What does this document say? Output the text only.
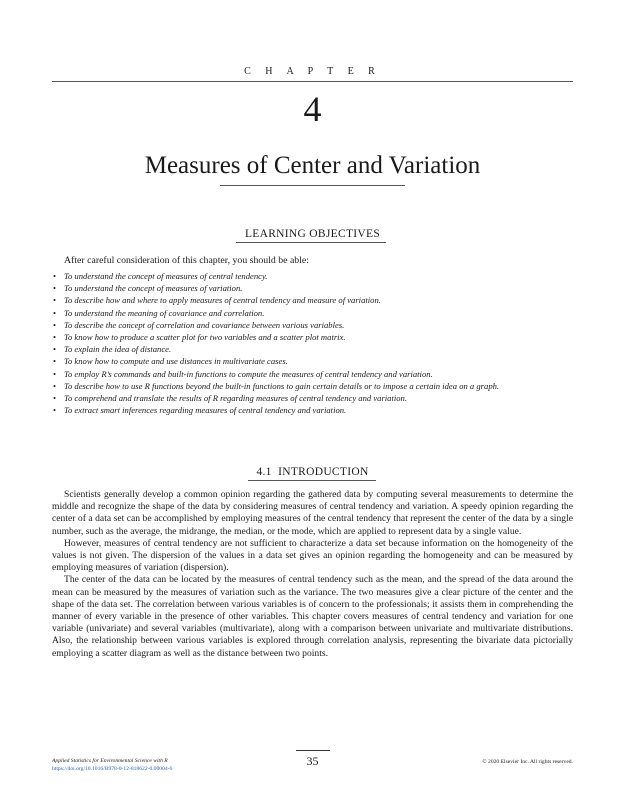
C H A P T E R
4
Measures of Center and Variation
LEARNING OBJECTIVES
After careful consideration of this chapter, you should be able:
• To understand the concept of measures of central tendency.
• To understand the concept of measures of variation.
• To describe how and where to apply measures of central tendency and measure of variation.
• To understand the meaning of covariance and correlation.
• To describe the concept of correlation and covariance between various variables.
• To know how to produce a scatter plot for two variables and a scatter plot matrix.
• To explain the idea of distance.
• To know how to compute and use distances in multivariate cases.
• To employ R’s commands and built-in functions to compute the measures of central tendency and variation.
• To describe how to use R functions beyond the built-in functions to gain certain details or to impose a certain idea on a graph.
• To comprehend and translate the results of R regarding measures of central tendency and variation.
• To extract smart inferences regarding measures of central tendency and variation.
4.1 INTRODUCTION

Scientists generally develop a common opinion regarding the gathered data by computing several measurements to determine the middle and recognize the shape of the data by considering measures of central tendency and variation. A speedy opinion regarding the center of a data set can be accomplished by employing measures of the central tendency that represent the center of the data by a single number, such as the average, the midrange, the median, or the mode, which are applied to represent data by a single value.

However, measures of central tendency are not sufficient to characterize a data set because information on the homogeneity of the values is not given. The dispersion of the values in a data set gives an opinion regarding the homogeneity and can be measured by employing measures of variation (dispersion).

The center of the data can be located by the measures of central tendency such as the mean, and the spread of the data around the mean can be measured by the measures of variation such as the variance. The two measures give a clear picture of the center and the shape of the data set. The correlation between various variables is of concern to the professionals; it assists them in comprehending the manner of every variable in the presence of other variables. This chapter covers measures of central tendency and variation for one variable (univariate) and several variables (multivariate), along with a comparison between univariate and multivariate distributions. Also, the relationship between various variables is explored through correlation analysis, representing the bivariate data pictorially employing a scatter diagram as well as the distance between two points.

35
Applied Statistics for Environmental Science with R
https://doi.org/10.1016/B978-0-12-818622-0.00004-6
© 2020 Elsevier Inc. All rights reserved.
